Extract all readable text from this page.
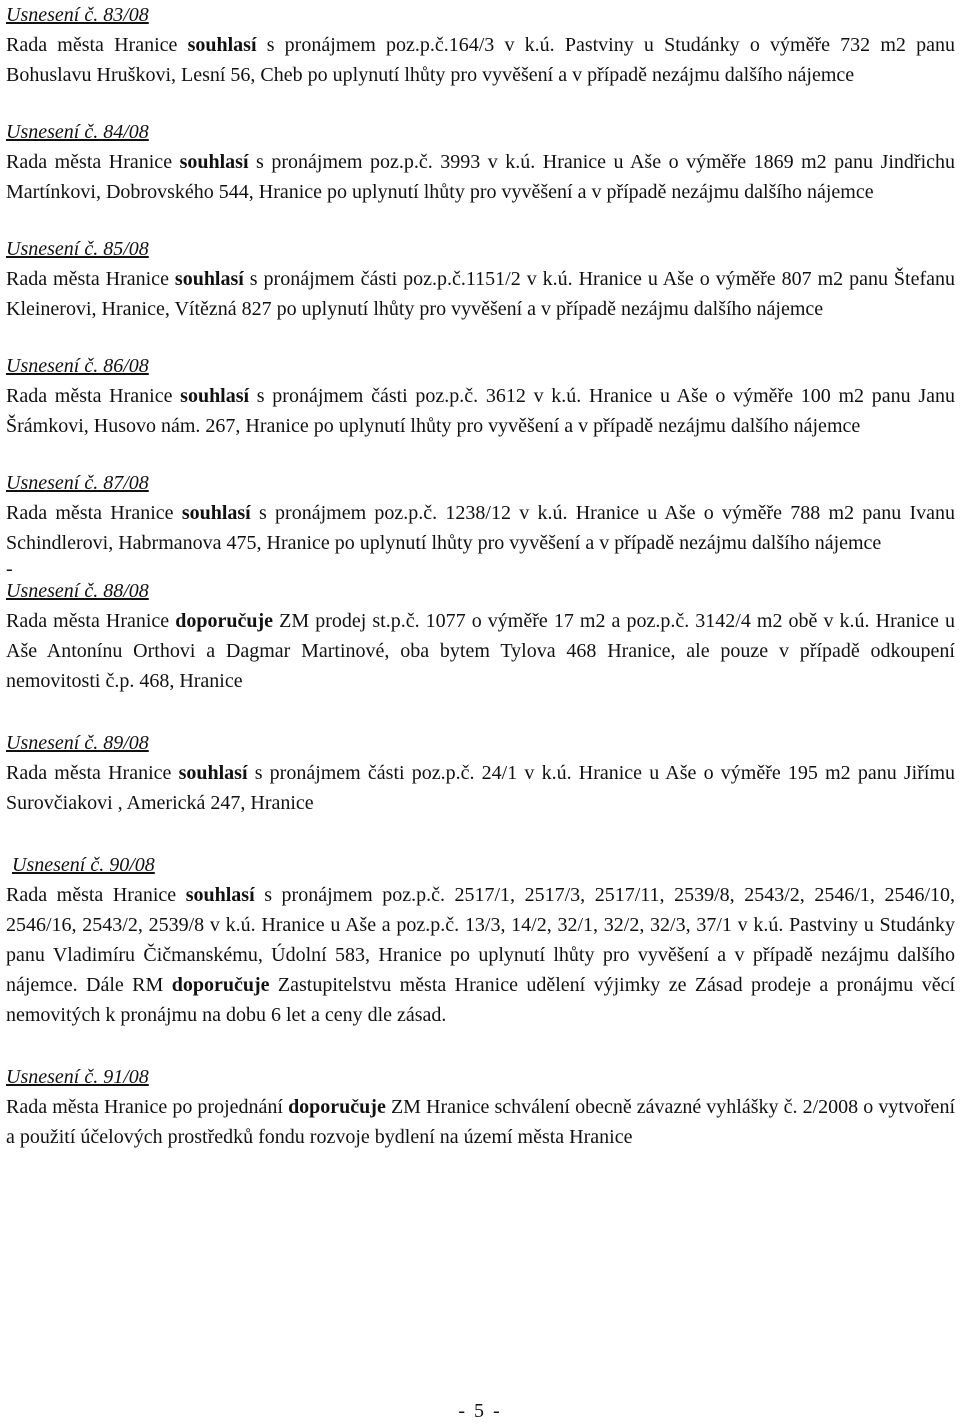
Usnesení č. 83/08

Rada města Hranice souhlasí s pronájmem poz.p.č.164/3 v k.ú. Pastviny u Studánky o výměře 732 m2 panu Bohuslavu Hruškovi, Lesní 56, Cheb po uplynutí lhůty pro vyvěšení a v případě nezájmu dalšího nájemce

Usnesení č. 84/08

Rada města Hranice souhlasí s pronájmem poz.p.č. 3993 v k.ú. Hranice u Aše o výměře 1869 m2 panu Jindřichu Martínkovi, Dobrovského 544, Hranice po uplynutí lhůty pro vyvěšení a v případě nezájmu dalšího nájemce

Usnesení č. 85/08

Rada města Hranice souhlasí s pronájmem části poz.p.č.1151/2 v k.ú. Hranice u Aše o výměře 807 m2 panu Štefanu Kleinerovi, Hranice, Vítězná 827 po uplynutí lhůty pro vyvěšení a v případě nezájmu dalšího nájemce

Usnesení č. 86/08

Rada města Hranice souhlasí s pronájmem části poz.p.č. 3612 v k.ú. Hranice u Aše o výměře 100 m2 panu Janu Šrámkovi, Husovo nám. 267, Hranice po uplynutí lhůty pro vyvěšení a v případě nezájmu dalšího nájemce

Usnesení č. 87/08

Rada města Hranice souhlasí s pronájmem poz.p.č. 1238/12 v k.ú. Hranice u Aše o výměře 788 m2 panu Ivanu Schindlerovi, Habrmanova 475, Hranice po uplynutí lhůty pro vyvěšení a v případě nezájmu dalšího nájemce

-

Usnesení č. 88/08

Rada města Hranice doporučuje ZM prodej st.p.č. 1077 o výměře 17 m2 a poz.p.č. 3142/4 m2 obě v k.ú. Hranice u Aše Antonínu Orthovi a Dagmar Martinové, oba bytem Tylova 468 Hranice, ale pouze v případě odkoupení nemovitosti č.p. 468, Hranice

Usnesení č. 89/08

Rada města Hranice souhlasí s pronájmem části poz.p.č. 24/1 v k.ú. Hranice u Aše o výměře 195 m2 panu Jiřímu Surovčiakovi , Americká 247, Hranice

Usnesení č. 90/08

Rada města Hranice souhlasí s pronájmem poz.p.č. 2517/1, 2517/3, 2517/11, 2539/8, 2543/2, 2546/1, 2546/10, 2546/16, 2543/2, 2539/8 v k.ú. Hranice u Aše a poz.p.č. 13/3, 14/2, 32/1, 32/2, 32/3, 37/1 v k.ú. Pastviny u Studánky panu Vladimíru Čičmanskému, Údolní 583, Hranice po uplynutí lhůty pro vyvěšení a v případě nezájmu dalšího nájemce. Dále RM doporučuje Zastupitelstvu města Hranice udělení výjimky ze Zásad prodeje a pronájmu věcí nemovitých k pronájmu na dobu 6 let a ceny dle zásad.

Usnesení č. 91/08

Rada města Hranice po projednání doporučuje ZM Hranice schválení obecně závazné vyhlášky č. 2/2008 o vytvoření a použití účelových prostředků fondu rozvoje bydlení na území města Hranice

- 5 -
